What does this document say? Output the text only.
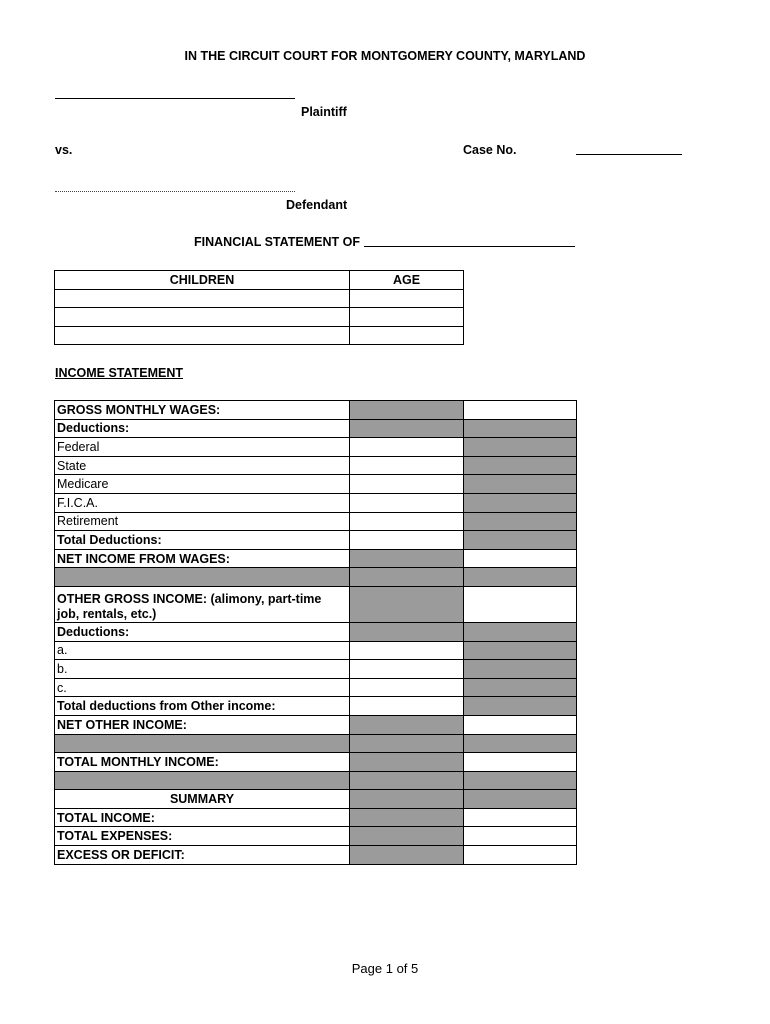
IN THE CIRCUIT COURT FOR MONTGOMERY COUNTY, MARYLAND
Plaintiff
vs.	Case No.
Defendant
FINANCIAL STATEMENT OF
CHILDREN	AGE

INCOME STATEMENT
GROSS MONTHLY WAGES:		
Deductions:		
Federal		
State		
Medicare		
F.I.C.A.		
Retirement		
Total Deductions:		
NET INCOME FROM WAGES:		

OTHER GROSS INCOME: (alimony, part-time job, rentals, etc.)		
Deductions:		
a.		
b.		
c.		
Total deductions from Other income:		
NET OTHER INCOME:		

TOTAL MONTHLY INCOME:		

SUMMARY		
TOTAL INCOME:		
TOTAL EXPENSES:		
EXCESS OR DEFICIT:		
Page 1 of 5
